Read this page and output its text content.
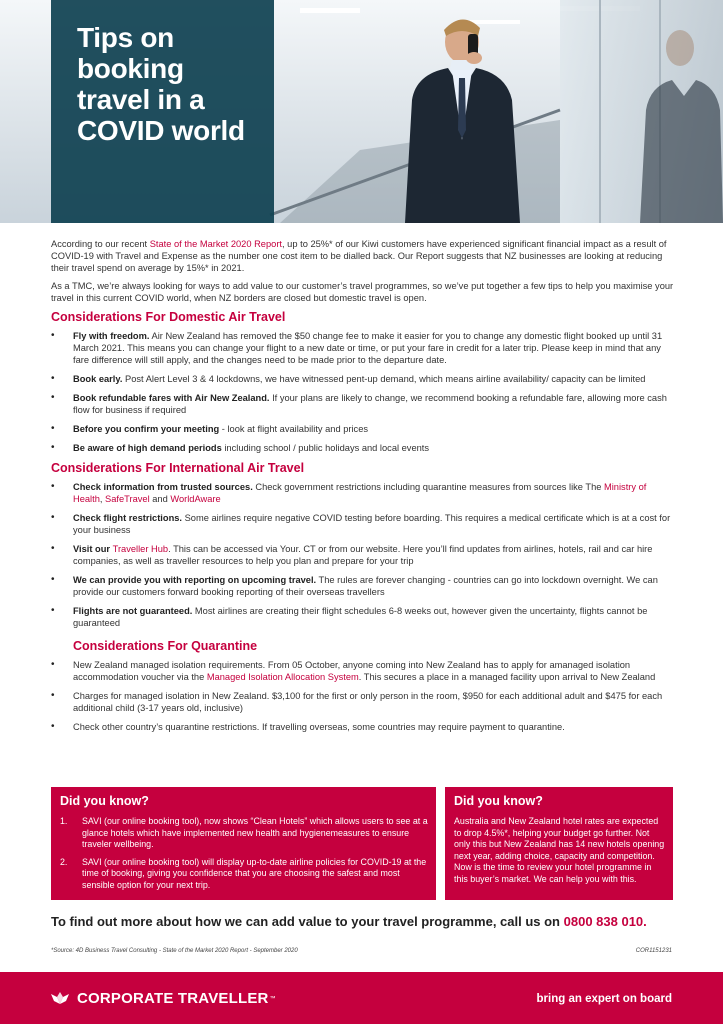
Tips on booking travel in a COVID world

According to our recent State of the Market 2020 Report, up to 25%* of our Kiwi customers have experienced significant financial impact as a result of COVID-19 with Travel and Expense as the number one cost item to be dialled back. Our Report suggests that NZ businesses are looking at reducing their travel spend on average by 15%* in 2021.

As a TMC, we’re always looking for ways to add value to our customer’s travel programmes, so we’ve put together a few tips to help you maximise your travel in this current COVID world, when NZ borders are closed but domestic travel is open.

Considerations For Domestic Air Travel
• Fly with freedom. Air New Zealand has removed the $50 change fee to make it easier for you to change any domestic flight booked up until 31 March 2021. This means you can change your flight to a new date or time, or put your fare in credit for a later trip. Please keep in mind that any fare difference will still apply, and the changes need to be made prior to the departure date.
• Book early. Post Alert Level 3 & 4 lockdowns, we have witnessed pent-up demand, which means airline availability/ capacity can be limited
• Book refundable fares with Air New Zealand. If your plans are likely to change, we recommend booking a refundable fare, allowing more cash flow for business if required
• Before you confirm your meeting - look at flight availability and prices
• Be aware of high demand periods including school / public holidays and local events
Considerations For International Air Travel
• Check information from trusted sources. Check government restrictions including quarantine measures from sources like The Ministry of Health, SafeTravel and WorldAware
• Check flight restrictions. Some airlines require negative COVID testing before boarding. This requires a medical certificate which is at a cost for your business
• Visit our Traveller Hub. This can be accessed via Your. CT or from our website. Here you’ll find updates from airlines, hotels, rail and car hire companies, as well as traveller resources to help you plan and prepare for your trip
• We can provide you with reporting on upcoming travel. The rules are forever changing - countries can go into lockdown overnight. We can provide our customers forward booking reporting of their overseas travellers
• Flights are not guaranteed. Most airlines are creating their flight schedules 6-8 weeks out, however given the uncertainty, flights cannot be guaranteed
Considerations For Quarantine
• New Zealand managed isolation requirements. From 05 October, anyone coming into New Zealand has to apply for amanaged isolation accommodation voucher via the Managed Isolation Allocation System. This secures a place in a managed facility upon arrival to New Zealand
• Charges for managed isolation in New Zealand. $3,100 for the first or only person in the room, $950 for each additional adult and $475 for each additional child (3-17 years old, inclusive)
• Check other country’s quarantine restrictions. If travelling overseas, some countries may require payment to quarantine.
Did you know?
1. SAVI (our online booking tool), now shows “Clean Hotels” which allows users to see at a glance hotels which have implemented new health and hygienemeasures to ensure traveler wellbeing.
2. SAVI (our online booking tool) will display up-to-date airline policies for COVID-19 at the time of booking, giving you confidence that you are choosing the safest and most sensible option for your next trip.
Did you know?

Australia and New Zealand hotel rates are expected to drop 4.5%*, helping your budget go further. Not only this but New Zealand has 14 new hotels opening next year, adding choice, capacity and competition. Now is the time to review your hotel programme in this buyer’s market. We can help you with this.

To find out more about how we can add value to your travel programme, call us on 0800 838 010.
*Source: 4D Business Travel Consulting - State of the Market 2020 Report - September 2020	COR1151231
CORPORATE TRAVELLER ™	bring an expert on board
